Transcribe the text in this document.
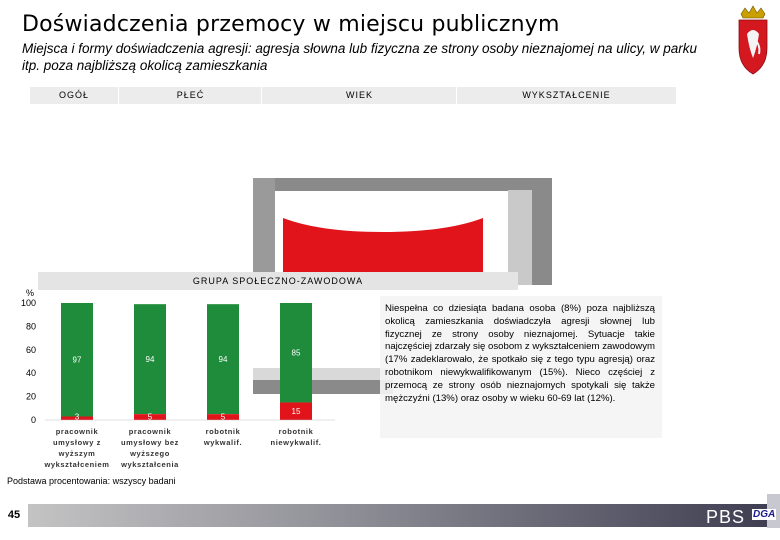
Doświadczenia przemocy w miejscu publicznym
Miejsca i formy doświadczenia agresji: agresja słowna lub fizyczna ze strony osoby nieznajomej na ulicy, w parku itp. poza najbliższą okolicą zamieszkania
OGÓŁ	PŁEĆ	WIEK	WYKSZTAŁCENIE
GRUPA SPOŁECZNO-ZAWODOWA
%
0
20
40
60
80
100
97
3
94
5
94
5
85
15
pracownik
umysłowy z
wyższym
wykształceniem
pracownik
umysłowy bez
wyższego
wykształcenia
robotnik
wykwalif.
robotnik
niewykwalif.
Niespełna co dziesiąta badana osoba (8%) poza najbliższą okolicą zamieszkania doświadczyła agresji słownej lub fizycznej ze strony osoby nieznajomej. Sytuacje takie najczęściej zdarzały się osobom z wykształceniem zawodowym (17% zadeklarowało, że spotkało się z tego typu agresją) oraz robotnikom niewykwalifikowanym (15%). Nieco częściej z przemocą ze strony osób nieznajomych spotykali się także mężczyźni (13%) oraz osoby w wieku 60-69 lat (12%).
Podstawa procentowania: wszyscy badani
45	PBS DGA
